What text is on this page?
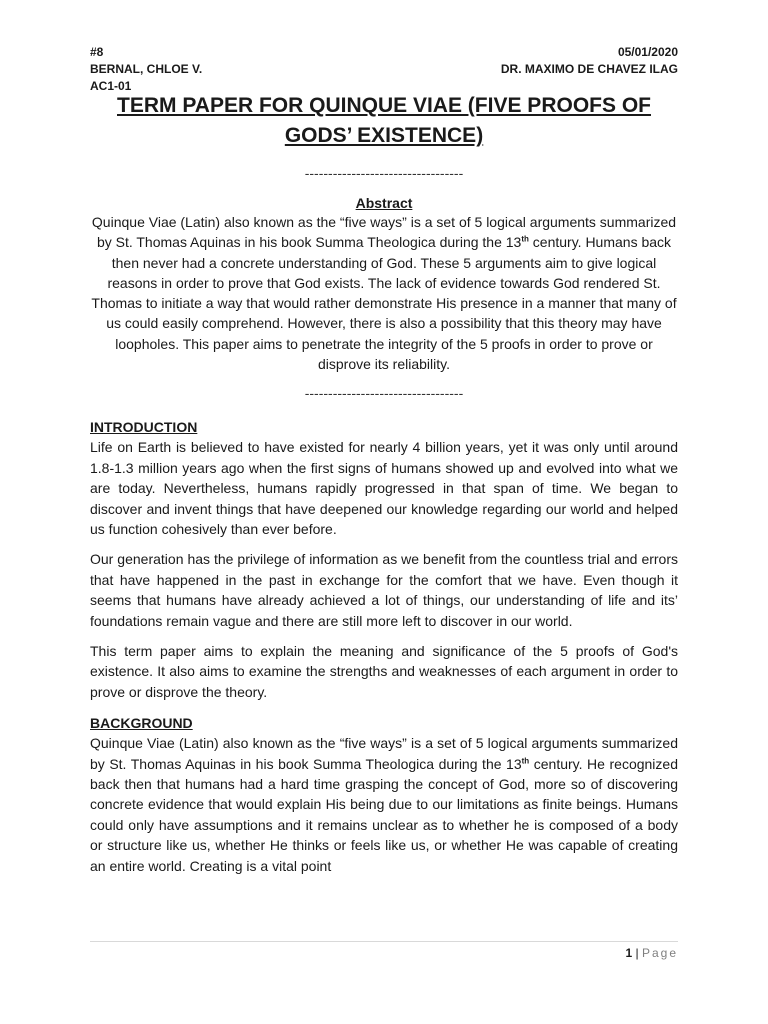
#8	05/01/2020
BERNAL, CHLOE V.	DR. MAXIMO DE CHAVEZ ILAG
AC1-01
TERM PAPER FOR QUINQUE VIAE (FIVE PROOFS OF
GODS’ EXISTENCE)
----------------------------------
Abstract
Quinque Viae (Latin) also known as the “five ways” is a set of 5 logical arguments summarized by St. Thomas Aquinas in his book Summa Theologica during the 13th century. Humans back then never had a concrete understanding of God. These 5 arguments aim to give logical reasons in order to prove that God exists. The lack of evidence towards God rendered St. Thomas to initiate a way that would rather demonstrate His presence in a manner that many of us could easily comprehend. However, there is also a possibility that this theory may have loopholes. This paper aims to penetrate the integrity of the 5 proofs in order to prove or disprove its reliability.
----------------------------------
INTRODUCTION

Life on Earth is believed to have existed for nearly 4 billion years, yet it was only until around 1.8-1.3 million years ago when the first signs of humans showed up and evolved into what we are today. Nevertheless, humans rapidly progressed in that span of time. We began to discover and invent things that have deepened our knowledge regarding our world and helped us function cohesively than ever before.

Our generation has the privilege of information as we benefit from the countless trial and errors that have happened in the past in exchange for the comfort that we have. Even though it seems that humans have already achieved a lot of things, our understanding of life and its’ foundations remain vague and there are still more left to discover in our world.

This term paper aims to explain the meaning and significance of the 5 proofs of God's existence. It also aims to examine the strengths and weaknesses of each argument in order to prove or disprove the theory.

BACKGROUND

Quinque Viae (Latin) also known as the “five ways” is a set of 5 logical arguments summarized by St. Thomas Aquinas in his book Summa Theologica during the 13th century. He recognized back then that humans had a hard time grasping the concept of God, more so of discovering concrete evidence that would explain His being due to our limitations as finite beings. Humans could only have assumptions and it remains unclear as to whether he is composed of a body or structure like us, whether He thinks or feels like us, or whether He was capable of creating an entire world. Creating is a vital point

1 | Page
